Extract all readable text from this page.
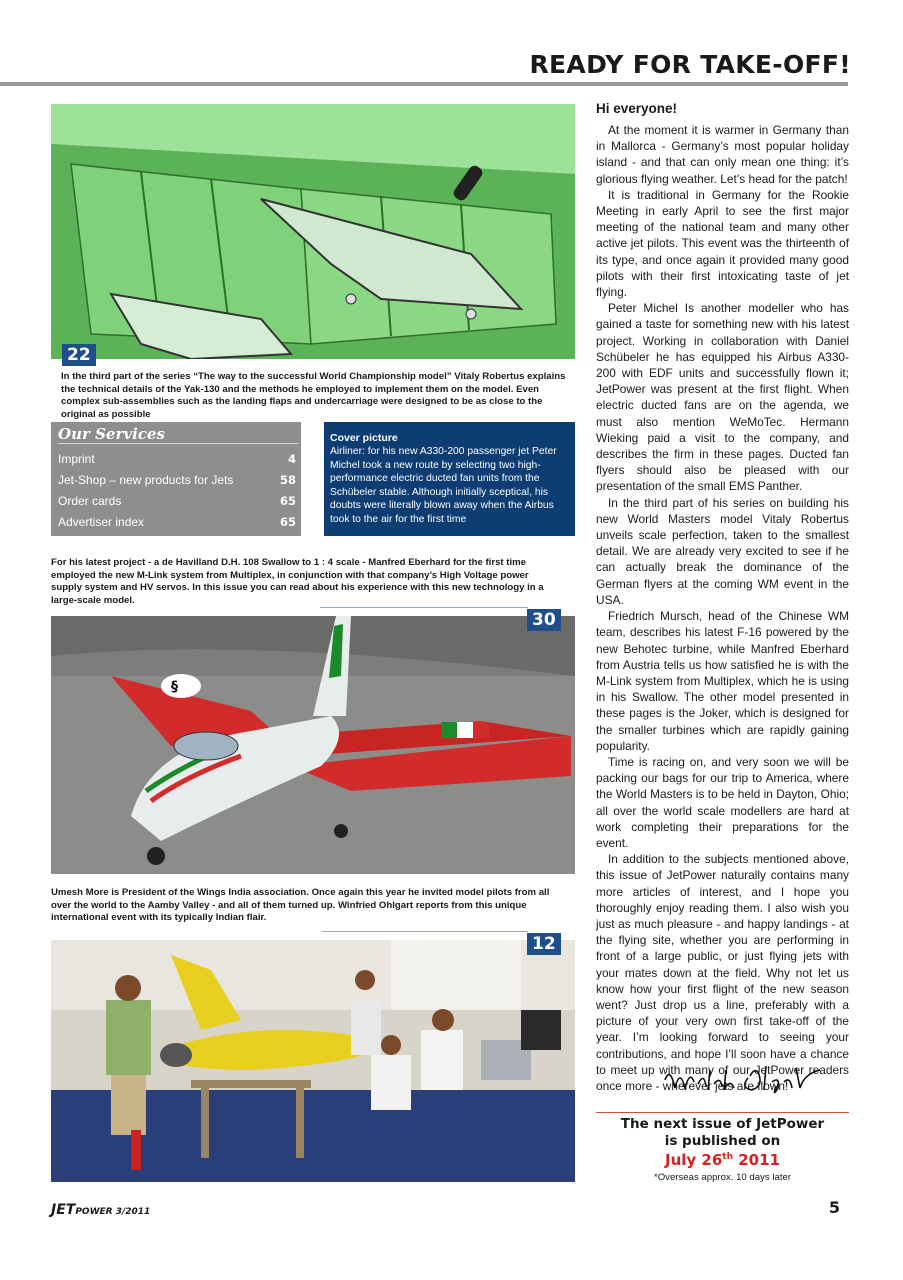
READY FOR TAKE-OFF!
22

In the third part of the series “The way to the successful World Championship model” Vitaly Robertus explains the technical details of the Yak-130 and the methods he employed to implement them on the model. Even complex sub-assemblies such as the landing flaps and undercarriage were designed to be as close to the original as possible

Our Services
Imprint	4
Jet-Shop – new products for Jets	58
Order cards	65
Advertiser index	65
Cover picture
Airliner: for his new A330-200 passenger jet Peter Michel took a new route by selecting two high-performance electric ducted fan units from the Schübeler stable. Although initially sceptical, his doubts were literally blown away when the Airbus took to the air for the first time

For his latest project - a de Havilland D.H. 108 Swallow to 1 : 4 scale - Manfred Eberhard for the first time employed the new M-Link system from Multiplex, in conjunction with that company’s High Voltage power supply system and HV servos. In this issue you can read about his experience with this new technology in a large-scale model.

§
30

Umesh More is President of the Wings India association. Once again this year he invited model pilots from all over the world to the Aamby Valley - and all of them turned up. Winfried Ohlgart reports from this unique international event with its typically Indian flair.

12
Hi everyone!

At the moment it is warmer in Germany than in Mallorca - Germany’s most popular holiday island - and that can only mean one thing: it’s glorious flying weather. Let’s head for the patch!

It is traditional in Germany for the Rookie Meeting in early April to see the first major meeting of the national team and many other active jet pilots. This event was the thirteenth of its type, and once again it provided many good pilots with their first intoxicating taste of jet flying.

Peter Michel Is another modeller who has gained a taste for something new with his latest project. Working in collaboration with Daniel Schübeler he has equipped his Airbus A330-200 with EDF units and successfully flown it; JetPower was present at the first flight. When electric ducted fans are on the agenda, we must also mention WeMoTec. Hermann Wieking paid a visit to the company, and describes the firm in these pages. Ducted fan flyers should also be pleased with our presentation of the small EMS Panther.

In the third part of his series on building his new World Masters model Vitaly Robertus unveils scale perfection, taken to the smallest detail. We are already very excited to see if he can actually break the dominance of the German flyers at the coming WM event in the USA.

Friedrich Mursch, head of the Chinese WM team, describes his latest F-16 powered by the new Behotec turbine, while Manfred Eberhard from Austria tells us how satisfied he is with the M-Link system from Multiplex, which he is using in his Swallow. The other model presented in these pages is the Joker, which is designed for the smaller turbines which are rapidly gaining popularity.

Time is racing on, and very soon we will be packing our bags for our trip to America, where the World Masters is to be held in Dayton, Ohio; all over the world scale modellers are hard at work completing their preparations for the event.

In addition to the subjects mentioned above, this issue of JetPower naturally contains many more articles of interest, and I hope you thoroughly enjoy reading them. I also wish you just as much pleasure - and happy landings - at the flying site, whether you are performing in front of a large public, or just flying jets with your mates down at the field. Why not let us know how your first flight of the new season went? Just drop us a line, preferably with a picture of your very own first take-off of the year. I’m looking forward to seeing your contributions, and hope I’ll soon have a chance to meet up with many of our JetPower readers once more - wherever jets are flown!

The next issue of JetPower
is published on
July 26th 2011
*Overseas approx. 10 days later
JETPOWER 3/2011	5
